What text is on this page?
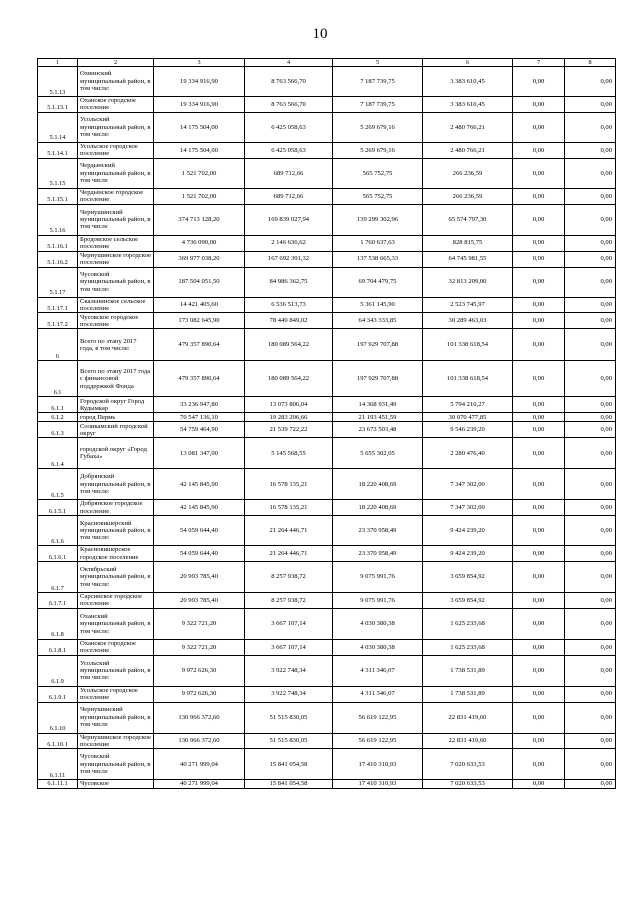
10
1	2	3	4	5	6	7	8
5.1.13	Охвинский муниципальный район, в том числе:	19 334 916,90	8 763 566,70	7 187 739,75	3 383 610,45	0,00	0,00
5.1.13.1	Оханское городское поселение	19 334 916,90	8 763 566,70	7 187 739,75	3 383 610,45	0,00	0,00
5.1.14	Усольский муниципальный район, в том числе:	14 175 504,00	6 425 058,63	5 269 679,16	2 480 766,21	0,00	0,00
5.1.14.1	Усольское городское поселение	14 175 504,00	6 425 058,63	5 269 679,16	2 480 766,21	0,00	0,00
5.1.15	Чердынский муниципальный район, в том числе	1 521 702,00	689 712,66	565 752,75	266 236,59	0,00	0,00
5.1.15.1	Чердынское городское поселение	1 521 702,00	689 712,66	565 752,75	266 236,59	0,00	0,00
5.1.16	Чернушинский муниципальный район, в том числе	374 713 128,20	169 839 027,94	139 299 302,96	65 574 797,30	0,00	0,00
5.1.16.1	Бродовское сельское поселение	4 736 090,00	2 146 636,62	1 760 637,63	828 815,75	0,00	0,00
5.1.16.2	Чернушинское городское поселение	369 977 038,20	167 692 391,32	137 538 665,33	64 745 981,55	0,00	0,00
5.1.17	Чусовской муниципальный район, в том числе:	187 504 051,50	84 986 362,75	69 704 479,75	32 813 209,00	0,00	0,00
5.1.17.1	Скальнинское сельское поселение	14 421 405,60	6 536 513,73	5 361 145,90	2 523 745,97	0,00	0,00
5.1.17.2	Чусовское городское поселение	173 082 645,90	78 449 849,02	64 343 333,85	30 289 463,03	0,00	0,00
6	Всего по этапу 2017 года, в том числе:	479 357 890,64	180 089 564,22	197 929 707,88	101 338 618,54	0,00	0,00
6.1	Всего по этапу 2017 года с финансовой поддержкой Фонда	479 357 890,64	180 089 564,22	197 929 707,88	101 338 618,54	0,00	0,00
6.1.1	Городской округ Город Кудымкар	33 236 947,80	13 073 806,04	14 368 931,49	5 794 210,27	0,00	0,00
6.1.2	город Пермь	70 547 136,10	19 283 206,66	21 193 451,59	30 070 477,85	0,00	0,00
6.1.3	Соликамский городской округ	54 759 464,90	21 539 722,22	23 673 503,48	9 546 239,20	0,00	0,00
6.1.4	городской округ «Город Губаха»	13 081 347,00	5 145 568,55	5 655 302,05	2 280 476,40	0,00	0,00
6.1.5	Добрянский муниципальный район, в том числе:	42 145 845,90	16 578 135,21	18 220 408,69	7 347 302,00	0,00	0,00
6.1.5.1	Добрянское городское поселение	42 145 845,90	16 578 135,21	18 220 408,69	7 347 302,00	0,00	0,00
6.1.6	Красновишерский муниципальный район, в том числе:	54 059 644,40	21 264 446,71	23 370 958,49	9 424 239,20	0,00	0,00
6.1.6.1	Красновишерское городское поселение	54 059 644,40	21 264 446,71	23 370 958,49	9 424 239,20	0,00	0,00
6.1.7	Октябрьский муниципальный район, в том числе:	20 993 785,40	8 257 938,72	9 075 991,76	3 659 854,92	0,00	0,00
6.1.7.1	Сарсинское городское поселение	20 993 785,40	8 257 938,72	9 075 991,76	3 659 854,92	0,00	0,00
6.1.8	Оханский муниципальный район, в том числе:	9 322 721,20	3 667 107,14	4 030 380,38	1 625 233,68	0,00	0,00
6.1.8.1	Оханское городское поселение	9 322 721,20	3 667 107,14	4 030 380,38	1 625 233,68	0,00	0,00
6.1.9	Усольский муниципальный район, в том числе:	9 972 626,30	3 922 748,34	4 311 346,07	1 738 531,89	0,00	0,00
6.1.9.1	Усольское городское поселение	9 972 626,30	3 922 748,34	4 311 346,07	1 738 531,89	0,00	0,00
6.1.10	Чернушинский муниципальный район, в том числе	130 966 372,60	51 515 830,05	56 619 122,95	22 831 419,60	0,00	0,00
6.1.10.1	Чернушинское городское поселение	130 966 372,60	51 515 830,05	56 619 122,95	22 831 419,60	0,00	0,00
6.1.11	Чусовской муниципальный район, в том числе	40 271 999,04	15 841 054,58	17 410 310,93	7 020 633,53	0,00	0,00
6.1.11.1	Чусовское	40 271 999,04	15 841 054,58	17 410 310,93	7 020 633,53	0,00	0,00
